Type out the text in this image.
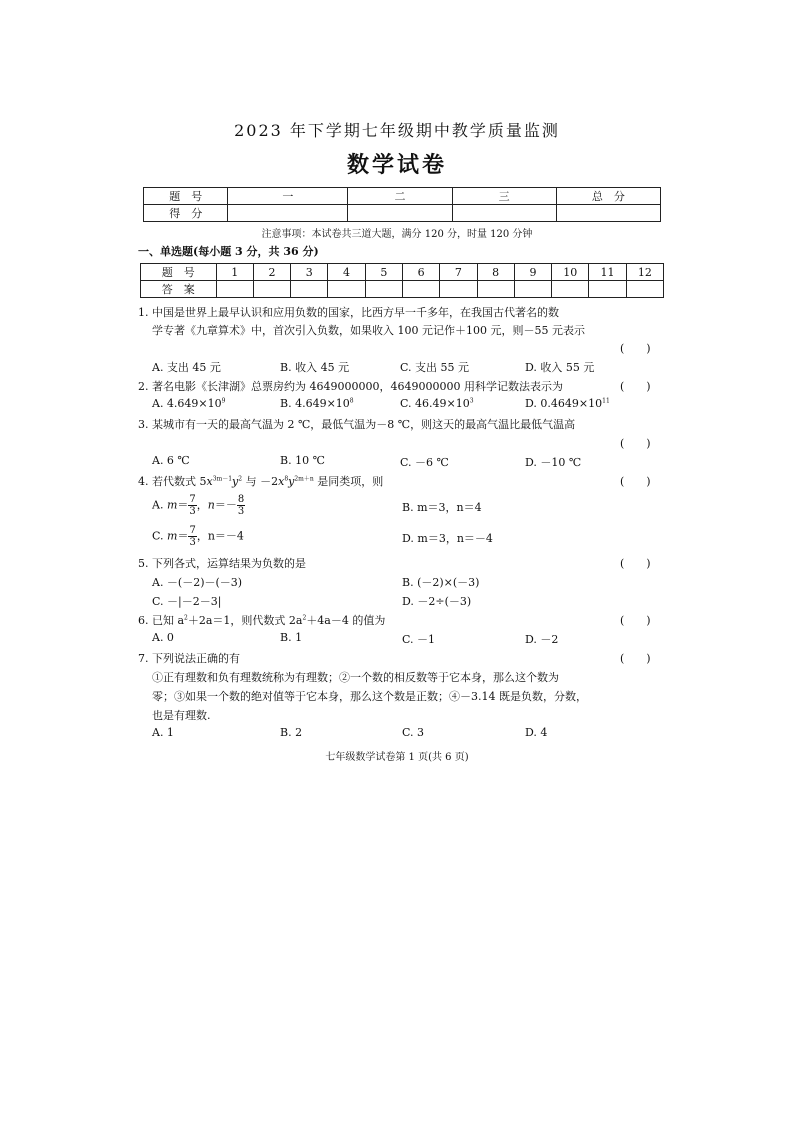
2023 年下学期七年级期中教学质量监测
数学试卷
题　号	一	二	三	总　分
得　分				
注意事项：本试卷共三道大题，满分 120 分，时量 120 分钟
一、单选题(每小题 3 分，共 36 分)
题　号	1	2	3	4	5	6	7	8	9	10	11	12
答　案												
1. 中国是世界上最早认识和应用负数的国家，比西方早一千多年，在我国古代著名的数
学专著《九章算术》中，首次引入负数，如果收入 100 元记作＋100 元，则－55 元表示
(　　)
A. 支出 45 元	B. 收入 45 元	C. 支出 55 元	D. 收入 55 元
2. 著名电影《长津湖》总票房约为 4649000000，4649000000 用科学记数法表示为	(　　)
A. $4.649\times 10^9$	B. $4.649\times 10^8$	C. $46.49\times 10^3$	D. $0.4649\times 10^{11}$
3. 某城市有一天的最高气温为 2 ℃，最低气温为－8 ℃，则这天的最高气温比最低气温高
(　　)
A. 6 ℃	B. 10 ℃	C. －6 ℃	D. －10 ℃
4. 若代数式 $5x^{3m-1}y^2$ 与 $-2x^8y^{2m+n}$ 是同类项，则	(　　)
A. $m= \frac{7}{3}$ ，$n=- \frac{8}{3}$	B. m＝3，n＝4
C. $m= \frac{7}{3}$ ，n＝－4	D. m＝3，n＝－4
5. 下列各式，运算结果为负数的是	(　　)
A. －(－2)－(－3)	B. (－2)×(－3)
C. －|－2－3|	D. －2÷(－3)
6. 已知 $a^2+2a=1$，则代数式 $2a^2+4a-4$ 的值为	(　　)
A. 0	B. 1	C. －1	D. －2
7. 下列说法正确的有	(　　)
①正有理数和负有理数统称为有理数；②一个数的相反数等于它本身，那么这个数为
零；③如果一个数的绝对值等于它本身，那么这个数是正数；④－3.14 既是负数，分数，
也是有理数.
A. 1	B. 2	C. 3	D. 4
七年级数学试卷第 1 页(共 6 页)
